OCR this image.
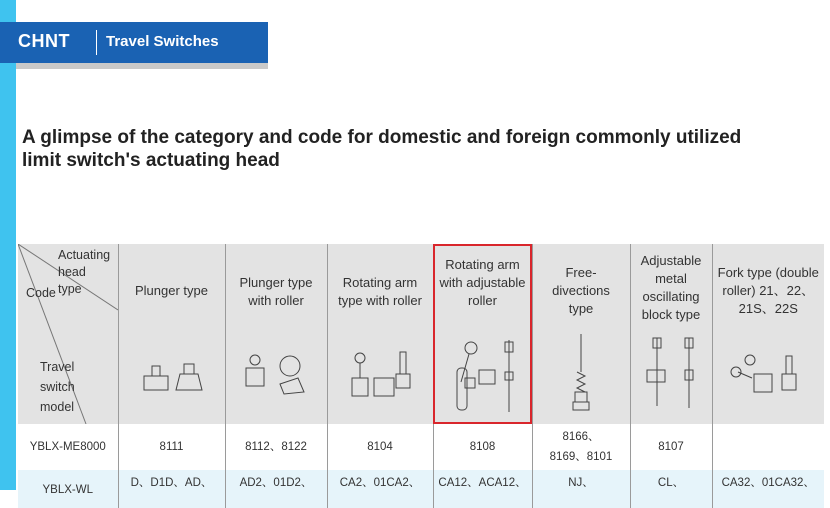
CHNT Travel Switches
A glimpse of the category and code for domestic and foreign commonly utilized limit switch's actuating head
Actuating head type
Code
Travel switch model	Plunger type	Plunger type with roller	Rotating arm type with roller	Rotating arm with adjustable roller	Free-divections type	Adjustable metal oscillating block type	Fork type (double roller) 21、22、21S、22S

YBLX-ME8000	8111	8112、8122	8104	8108	8166、8169、8101	8107	
YBLX-WL	D、D1D、AD、	AD2、01D2、	CA2、01CA2、	CA12、ACA12、	NJ、	CL、	CA32、01CA32、
